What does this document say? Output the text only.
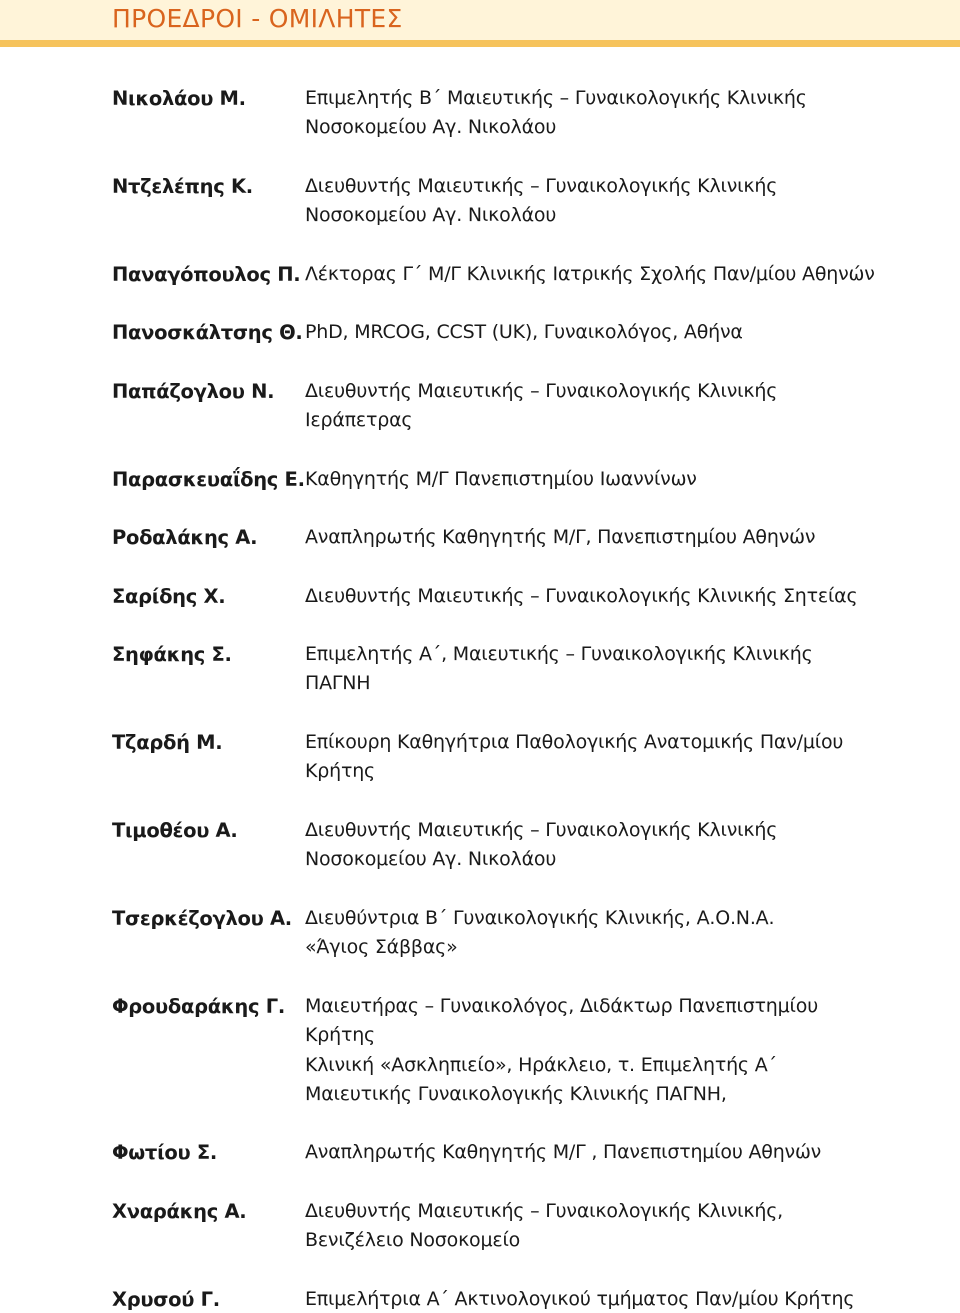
ΠΡΟΕΔΡΟΙ - ΟΜΙΛΗΤΕΣ
Νικολάου Μ.	Επιμελητής Β΄ Μαιευτικής – Γυναικολογικής Κλινικής
Νοσοκομείου Αγ. Νικολάου
Ντζελέπης Κ.	Διευθυντής Μαιευτικής – Γυναικολογικής Κλινικής
Νοσοκομείου Αγ. Νικολάου
Παναγόπουλος Π. Λέκτορας Γ΄ Μ/Γ Κλινικής Ιατρικής Σχολής Παν/μίου Αθηνών
Πανοσκάλτσης Θ. PhD, MRCOG, CCST (UK), Γυναικολόγος, Αθήνα
Παπάζογλου Ν. Διευθυντής Μαιευτικής – Γυναικολογικής Κλινικής
Ιεράπετρας
Παρασκευαΐδης Ε. Καθηγητής Μ/Γ Πανεπιστημίου Ιωαννίνων
Ροδαλάκης Α.	Αναπληρωτής Καθηγητής Μ/Γ, Πανεπιστημίου Αθηνών
Σαρίδης Χ.	Διευθυντής Μαιευτικής – Γυναικολογικής Κλινικής Σητείας
Σηφάκης Σ.	Επιμελητής Α΄, Μαιευτικής – Γυναικολογικής Κλινικής
ΠΑΓΝΗ
Τζαρδή Μ.	Επίκουρη Καθηγήτρια Παθολογικής Ανατομικής Παν/μίου
Κρήτης
Τιμοθέου Α.	Διευθυντής Μαιευτικής – Γυναικολογικής Κλινικής
Νοσοκομείου Αγ. Νικολάου
Τσερκέζογλου Α. Διευθύντρια Β΄ Γυναικολογικής Κλινικής, Α.Ο.Ν.Α.
«Άγιος Σάββας»
Φρουδαράκης Γ. Μαιευτήρας – Γυναικολόγος, Διδάκτωρ Πανεπιστημίου
Κρήτης
Κλινική «Ασκληπιείο», Ηράκλειο, τ. Επιμελητής Α΄
Μαιευτικής Γυναικολογικής Κλινικής ΠΑΓΝΗ,
Φωτίου Σ.	Αναπληρωτής Καθηγητής Μ/Γ , Πανεπιστημίου Αθηνών
Χναράκης Α.	Διευθυντής Μαιευτικής – Γυναικολογικής Κλινικής,
Βενιζέλειο Νοσοκομείο
Χρυσού Γ.	Επιμελήτρια Α΄ Ακτινολογικού τμήματος Παν/μίου Κρήτης
